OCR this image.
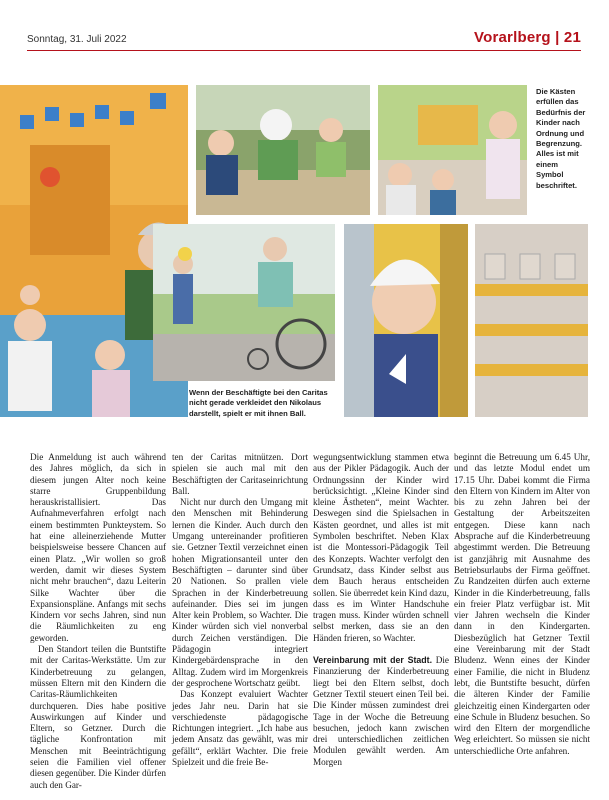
Sonntag, 31. Juli 2022	Vorarlberg | 21
Die Kästen erfüllen das Bedürfnis der Kinder nach Ordnung und Begrenzung. Alles ist mit einem Symbol beschriftet.
Wenn der Beschäftigte bei den Caritas nicht gerade verkleidet den Nikolaus darstellt, spielt er mit ihnen Ball.

Die Anmeldung ist auch während des Jahres möglich, da sich in diesem jungen Alter noch keine starre Gruppenbildung herauskristallisiert. Das Aufnahmeverfahren erfolgt nach einem bestimmten Punkteystem. So hat eine alleinerziehende Mutter beispielsweise bessere Chancen auf einen Platz. „Wir wollen so groß werden, damit wir dieses System nicht mehr brauchen“, dazu Leiterin Silke Wachter über die Expansionspläne. Anfangs mit sechs Kindern vor sechs Jahren, sind nun die Räumlichkeiten zu eng geworden.

Den Standort teilen die Buntstifte mit der Caritas-Werkstätte. Um zur Kinderbetreuung zu gelangen, müssen Eltern mit den Kindern die Caritas-Räumlichkeiten durchqueren. Dies habe positive Auswirkungen auf Kinder und Eltern, so Getzner. Durch die tägliche Konfrontation mit Menschen mit Beeinträchtigung seien die Familien viel offener diesen gegenüber. Die Kinder dürfen auch den Gar-

ten der Caritas mitnützen. Dort spielen sie auch mal mit den Beschäftigten der Caritaseinrichtung Ball.

Nicht nur durch den Umgang mit den Menschen mit Behinderung lernen die Kinder. Auch durch den Umgang untereinander profitieren sie. Getzner Textil verzeichnet einen hohen Migrationsanteil unter den Beschäftigten – darunter sind über 20 Nationen. So prallen viele Sprachen in der Kinderbetreuung aufeinander. Dies sei im jungen Alter kein Problem, so Wachter. Die Kinder würden sich viel nonverbal durch Zeichen verständigen. Die Pädagogin integriert Kindergebärdensprache in den Alltag. Zudem wird im Morgenkreis der gesprochene Wortschatz geübt.

Das Konzept evaluiert Wachter jedes Jahr neu. Darin hat sie verschiedenste pädagogische Richtungen integriert. „Ich habe aus jedem Ansatz das gewählt, was mir gefällt“, erklärt Wachter. Die freie Spielzeit und die freie Be-

wegungsentwicklung stammen etwa aus der Pikler Pädagogik. Auch der Ordnungssinn der Kinder wird berücksichtigt. „Kleine Kinder sind kleine Ästheten“, meint Wachter. Deswegen sind die Spielsachen in Kästen geordnet, und alles ist mit Symbolen beschriftet. Neben Klax ist die Montessori-Pädagogik Teil des Konzepts. Wachter verfolgt den Grundsatz, dass Kinder selbst aus dem Bauch heraus entscheiden sollen. Sie überredet kein Kind dazu, dass es im Winter Handschuhe tragen muss. Kinder würden schnell selbst merken, dass sie an den Händen frieren, so Wachter.

Vereinbarung mit der Stadt. Die Finanzierung der Kinderbetreuung liegt bei den Eltern selbst, doch Getzner Textil steuert einen Teil bei. Die Kinder müssen zumindest drei Tage in der Woche die Betreuung besuchen, jedoch kann zwischen drei unterschiedlichen zeitlichen Modulen gewählt werden. Am Morgen

beginnt die Betreuung um 6.45 Uhr, und das letzte Modul endet um 17.15 Uhr. Dabei kommt die Firma den Eltern von Kindern im Alter von bis zu zehn Jahren bei der Gestaltung der Arbeitszeiten entgegen. Diese kann nach Absprache auf die Kinderbetreuung abgestimmt werden. Die Betreuung ist ganzjährig mit Ausnahme des Betriebsurlaubs der Firma geöffnet. Zu Randzeiten dürfen auch externe Kinder in die Kinderbetreuung, falls ein freier Platz verfügbar ist. Mit vier Jahren wechseln die Kinder dann in den Kindergarten. Diesbezüglich hat Getzner Textil eine Vereinbarung mit der Stadt Bludenz. Wenn eines der Kinder einer Familie, die nicht in Bludenz lebt, die Buntstifte besucht, dürfen die älteren Kinder der Familie gleichzeitig einen Kindergarten oder eine Schule in Bludenz besuchen. So wird den Eltern der morgendliche Weg erleichtert. So müssen sie nicht unterschiedliche Orte anfahren.
